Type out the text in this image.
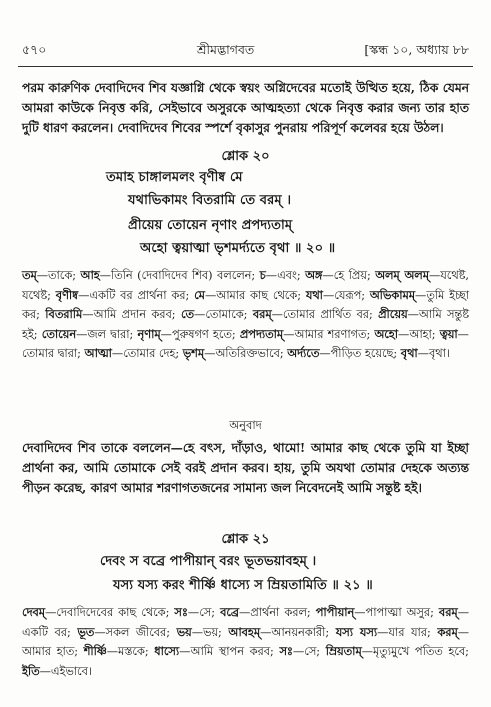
৫৭০	শ্রীমদ্ভাগবত	[স্কন্ধ ১০, অধ্যায় ৮৮

পরম কারুণিক দেবাদিদেব শিব যজ্ঞাগ্নি থেকে স্বয়ং অগ্নিদেবের মতোই উত্থিত হয়ে, ঠিক যেমন আমরা কাউকে নিবৃত্ত করি, সেইভাবে অসুরকে আত্মহত্যা থেকে নিবৃত্ত করার জন্য তার হাত দুটি ধারণ করলেন। দেবাদিদেব শিবের স্পর্শে বৃকাসুর পুনরায় পরিপূর্ণ কলেবর হয়ে উঠল।

শ্লোক ২০

তমাহ চাঙ্গালমলং বৃণীষ্ব মে

যথাভিকামং বিতরামি তে বরম্ ।

প্রীয়েয় তোয়েন নৃণাং প্রপদ্যতাম্

অহো ত্বয়াত্মা ভৃশমর্দ্যতে বৃথা ॥ ২০ ॥

তম্—তাকে; আহ—তিনি (দেবাদিদেব শিব) বললেন; চ—এবং; অঙ্গ—হে প্রিয়; অলম্ অলম্—যথেষ্ট, যথেষ্ট; বৃণীষ্ব—একটি বর প্রার্থনা কর; মে—আমার কাছ থেকে; যথা—যেরূপ; অভিকামম্—তুমি ইচ্ছা কর; বিতরামি—আমি প্রদান করব; তে—তোমাকে; বরম্—তোমার প্রার্থিত বর; প্রীয়েয়—আমি সন্তুষ্ট হই; তোয়েন—জল দ্বারা; নৃণাম্—পুরুষগণ হতে; প্রপদ্যতাম্—আমার শরণাগত; অহো—আহা; ত্বয়া—তোমার দ্বারা; আত্মা—তোমার দেহ; ভৃশম্—অতিরিক্তভাবে; অর্দ্যতে—পীড়িত হয়েছে; বৃথা—বৃথা।

অনুবাদ

দেবাদিদেব শিব তাকে বললেন—হে বৎস, দাঁড়াও, থামো! আমার কাছ থেকে তুমি যা ইচ্ছা প্রার্থনা কর, আমি তোমাকে সেই বরই প্রদান করব। হায়, তুমি অযথা তোমার দেহকে অত্যন্ত পীড়ন করেছ, কারণ আমার শরণাগতজনের সামান্য জল নিবেদনেই আমি সন্তুষ্ট হই।

শ্লোক ২১

দেবং স বব্রে পাপীয়ান্ বরং ভূতভয়াবহম্ ।

যস্য যস্য করং শীর্ষ্ণি ধাস্যে স ম্রিয়তামিতি ॥ ২১ ॥

দেবম্—দেবাদিদেবের কাছ থেকে; সঃ—সে; বব্রে—প্রার্থনা করল; পাপীয়ান্—পাপাত্মা অসুর; বরম্—একটি বর; ভূত—সকল জীবের; ভয়—ভয়; আবহম্—আনয়নকারী; যস্য যস্য—যার যার; করম্—আমার হাত; শীর্ষ্ণি—মস্তকে; ধাস্যে—আমি স্থাপন করব; সঃ—সে; ম্রিয়তাম্—মৃত্যুমুখে পতিত হবে; ইতি—এইভাবে।
